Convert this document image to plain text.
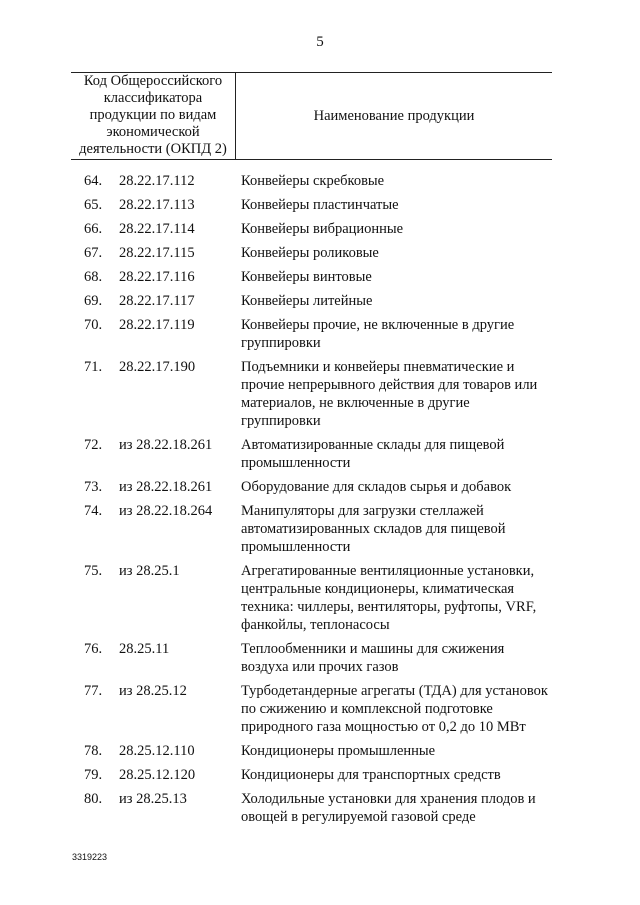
5
Код Общероссийского
классификатора
продукции по видам
экономической
деятельности (ОКПД 2)
Наименование продукции
64.	28.22.17.112	Конвейеры скребковые
65.	28.22.17.113	Конвейеры пластинчатые
66.	28.22.17.114	Конвейеры вибрационные
67.	28.22.17.115	Конвейеры роликовые
68.	28.22.17.116	Конвейеры винтовые
69.	28.22.17.117	Конвейеры литейные
70.	28.22.17.119	Конвейеры прочие, не включенные в другие
группировки
71.	28.22.17.190	Подъемники и конвейеры пневматические и
прочие непрерывного действия для товаров или
материалов, не включенные в другие
группировки
72.	из 28.22.18.261	Автоматизированные склады для пищевой
промышленности
73.	из 28.22.18.261	Оборудование для складов сырья и добавок
74.	из 28.22.18.264	Манипуляторы для загрузки стеллажей
автоматизированных складов для пищевой
промышленности
75.	из 28.25.1	Агрегатированные вентиляционные установки,
центральные кондиционеры, климатическая
техника: чиллеры, вентиляторы, руфтопы, VRF,
фанкойлы, теплонасосы
76.	28.25.11	Теплообменники и машины для сжижения
воздуха или прочих газов
77.	из 28.25.12	Турбодетандерные агрегаты (ТДА) для установок
по сжижению и комплексной подготовке
природного газа мощностью от 0,2 до 10 МВт
78.	28.25.12.110	Кондиционеры промышленные
79.	28.25.12.120	Кондиционеры для транспортных средств
80.	из 28.25.13	Холодильные установки для хранения плодов и
овощей в регулируемой газовой среде
3319223
